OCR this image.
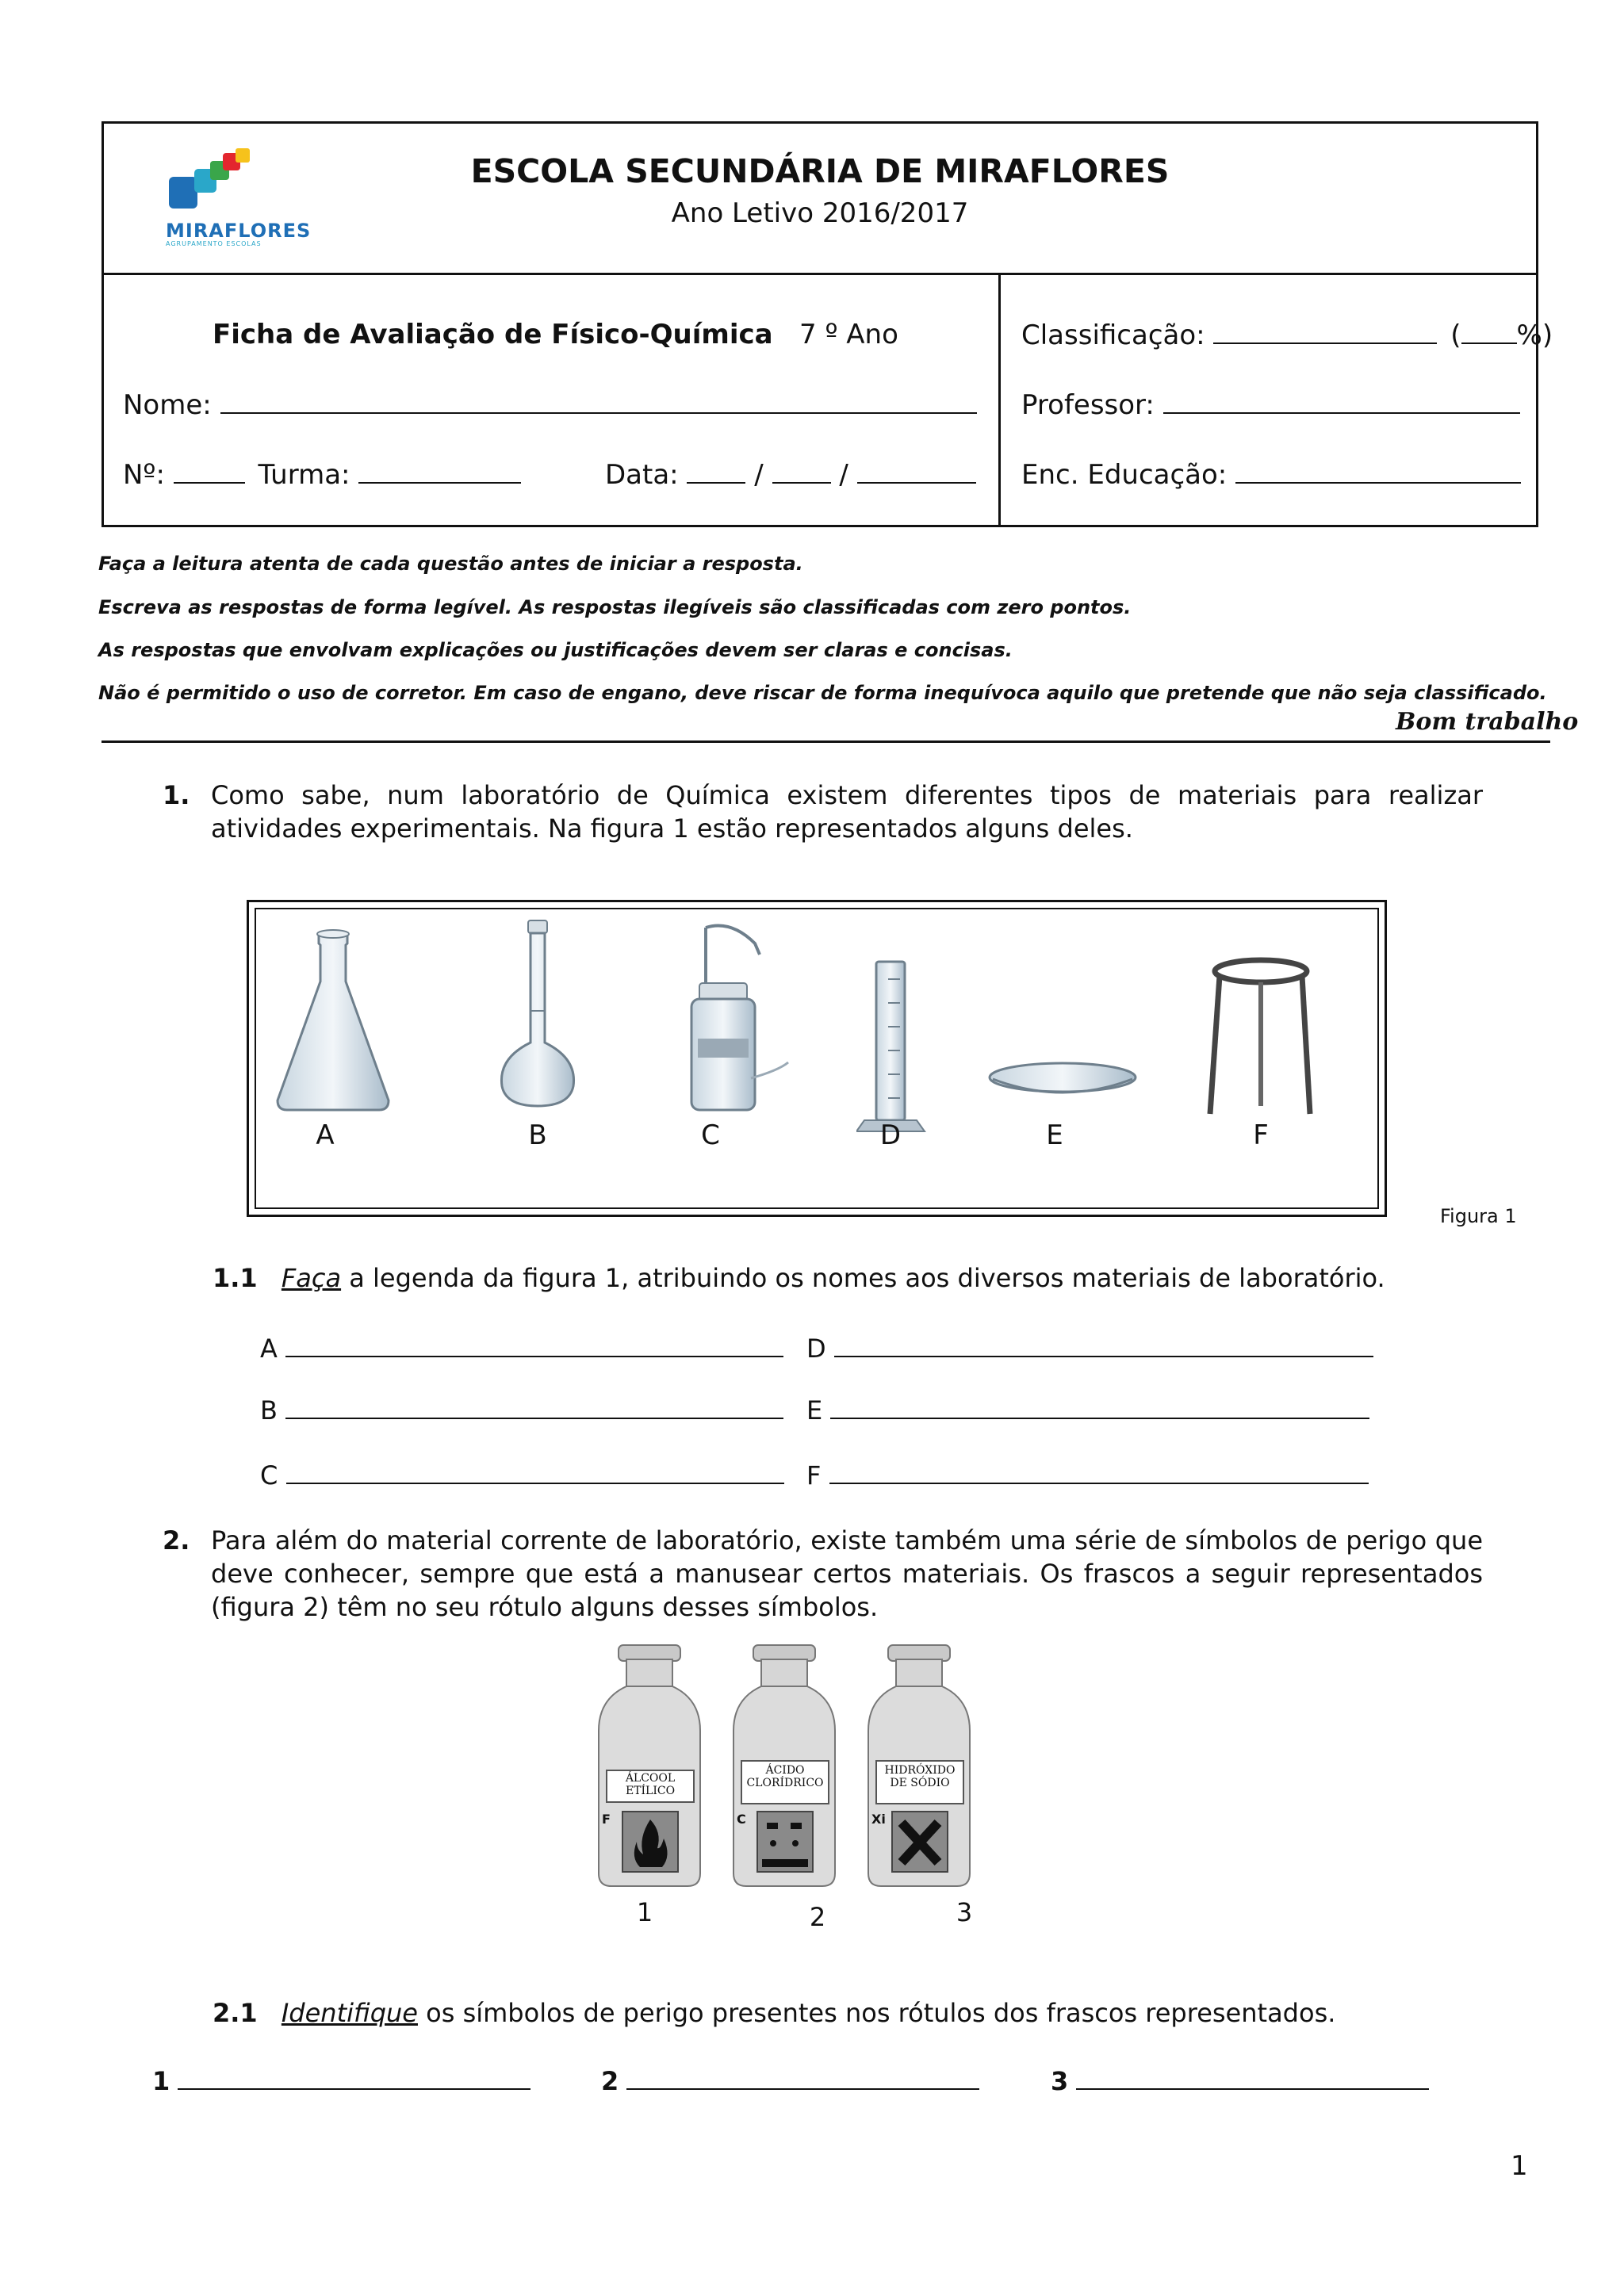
MIRAFLORES
AGRUPAMENTO ESCOLAS
ESCOLA SECUNDÁRIA DE MIRAFLORES
Ano Letivo 2016/2017
Ficha de Avaliação de Físico-Química 7 º Ano
Nome:
Nº:	Turma:	Data:	/	/
Classificação:	( %)
Professor:
Enc. Educação:
Faça a leitura atenta de cada questão antes de iniciar a resposta.
Escreva as respostas de forma legível. As respostas ilegíveis são classificadas com zero pontos.
As respostas que envolvam explicações ou justificações devem ser claras e concisas.
Não é permitido o uso de corretor. Em caso de engano, deve riscar de forma inequívoca aquilo que pretende que não seja classificado.
Bom trabalho
1. Como sabe, num laboratório de Química existem diferentes tipos de materiais para realizar atividades experimentais. Na figura 1 estão representados alguns deles.
A	B	C	D	E	F
Figura 1
1.1 Faça a legenda da figura 1, atribuindo os nomes aos diversos materiais de laboratório.
A	D
B	E
C	F
2. Para além do material corrente de laboratório, existe também uma série de símbolos de perigo que deve conhecer, sempre que está a manusear certos materiais. Os frascos a seguir representados (figura 2) têm no seu rótulo alguns desses símbolos.
ÁLCOOL ETÍLICO
F
ÁCIDO CLORÍDRICO
C
HIDRÓXIDO DE SÓDIO
Xi
1	2	3
2.1 Identifique os símbolos de perigo presentes nos rótulos dos frascos representados.
1	2	3
1
